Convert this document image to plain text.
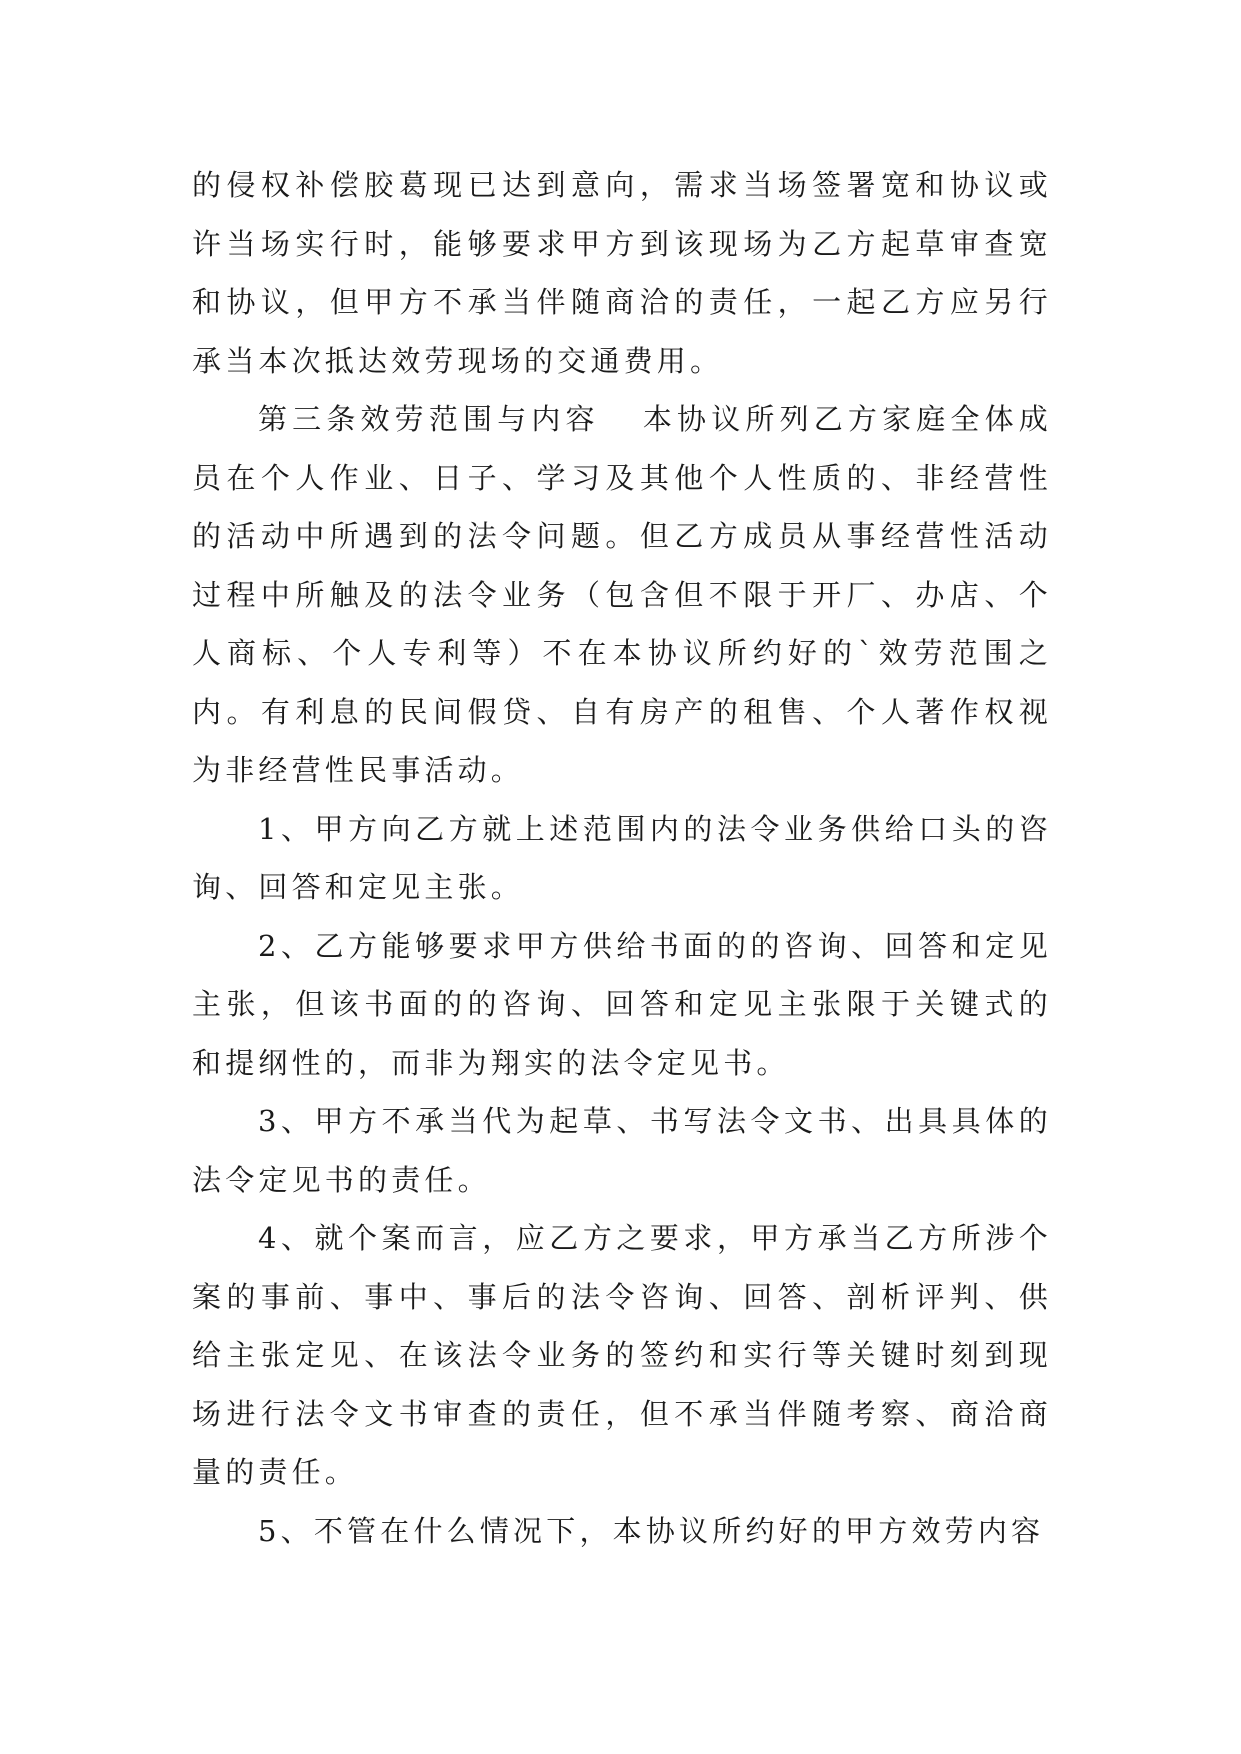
的侵权补偿胶葛现已达到意向，需求当场签署宽和协议或许当场实行时，能够要求甲方到该现场为乙方起草审查宽和协议，但甲方不承当伴随商洽的责任，一起乙方应另行承当本次抵达效劳现场的交通费用。

第三条效劳范围与内容 本协议所列乙方家庭全体成员在个人作业、日子、学习及其他个人性质的、非经营性的活动中所遇到的法令问题。但乙方成员从事经营性活动过程中所触及的法令业务（包含但不限于开厂、办店、个人商标、个人专利等）不在本协议所约好的`效劳范围之内。有利息的民间假贷、自有房产的租售、个人著作权视为非经营性民事活动。

1、甲方向乙方就上述范围内的法令业务供给口头的咨询、回答和定见主张。

2、乙方能够要求甲方供给书面的的咨询、回答和定见主张，但该书面的的咨询、回答和定见主张限于关键式的和提纲性的，而非为翔实的法令定见书。

3、甲方不承当代为起草、书写法令文书、出具具体的法令定见书的责任。

4、就个案而言，应乙方之要求，甲方承当乙方所涉个案的事前、事中、事后的法令咨询、回答、剖析评判、供给主张定见、在该法令业务的签约和实行等关键时刻到现场进行法令文书审查的责任，但不承当伴随考察、商洽商量的责任。

5、不管在什么情况下，本协议所约好的甲方效劳内容
